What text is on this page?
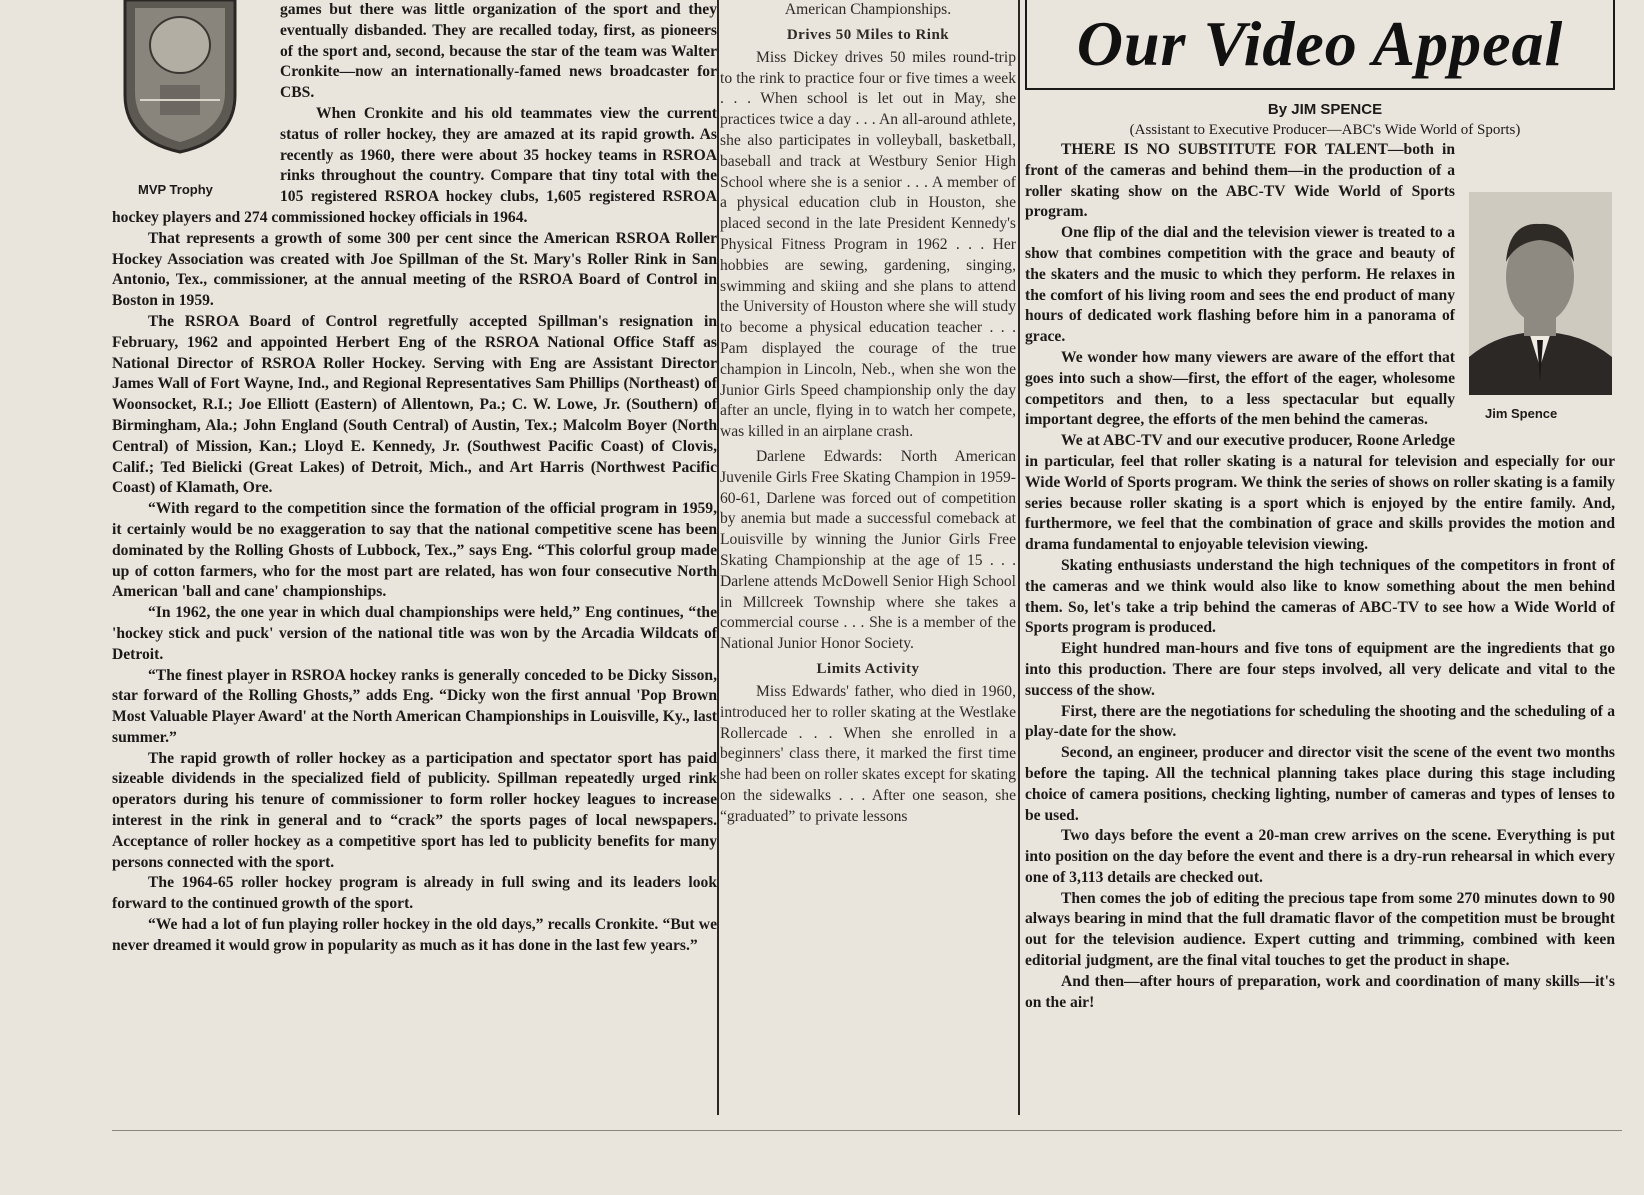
MVP Trophy

games but there was little organization of the sport and they eventually disbanded. They are recalled today, first, as pioneers of the sport and, second, because the star of the team was Walter Cronkite—now an internationally-famed news broadcaster for CBS.

When Cronkite and his old teammates view the current status of roller hockey, they are amazed at its rapid growth. As recently as 1960, there were about 35 hockey teams in RSROA rinks throughout the country. Compare that tiny total with the 105 registered RSROA hockey clubs, 1,605 registered RSROA hockey players and 274 commissioned hockey officials in 1964.

That represents a growth of some 300 per cent since the American RSROA Roller Hockey Association was created with Joe Spillman of the St. Mary's Roller Rink in San Antonio, Tex., commissioner, at the annual meeting of the RSROA Board of Control in Boston in 1959.

The RSROA Board of Control regretfully accepted Spillman's resignation in February, 1962 and appointed Herbert Eng of the RSROA National Office Staff as National Director of RSROA Roller Hockey. Serving with Eng are Assistant Director James Wall of Fort Wayne, Ind., and Regional Representatives Sam Phillips (Northeast) of Woonsocket, R.I.; Joe Elliott (Eastern) of Allentown, Pa.; C. W. Lowe, Jr. (Southern) of Birmingham, Ala.; John England (South Central) of Austin, Tex.; Malcolm Boyer (North Central) of Mission, Kan.; Lloyd E. Kennedy, Jr. (Southwest Pacific Coast) of Clovis, Calif.; Ted Bielicki (Great Lakes) of Detroit, Mich., and Art Harris (Northwest Pacific Coast) of Klamath, Ore.

“With regard to the competition since the formation of the official program in 1959, it certainly would be no exaggeration to say that the national competitive scene has been dominated by the Rolling Ghosts of Lubbock, Tex.,” says Eng. “This colorful group made up of cotton farmers, who for the most part are related, has won four consecutive North American 'ball and cane' championships.

“In 1962, the one year in which dual championships were held,” Eng continues, “the 'hockey stick and puck' version of the national title was won by the Arcadia Wildcats of Detroit.

“The finest player in RSROA hockey ranks is generally conceded to be Dicky Sisson, star forward of the Rolling Ghosts,” adds Eng. “Dicky won the first annual 'Pop Brown Most Valuable Player Award' at the North American Championships in Louisville, Ky., last summer.”

The rapid growth of roller hockey as a participation and spectator sport has paid sizeable dividends in the specialized field of publicity. Spillman repeatedly urged rink operators during his tenure of commissioner to form roller hockey leagues to increase interest in the rink in general and to “crack” the sports pages of local newspapers. Acceptance of roller hockey as a competitive sport has led to publicity benefits for many persons connected with the sport.

The 1964-65 roller hockey program is already in full swing and its leaders look forward to the continued growth of the sport.

“We had a lot of fun playing roller hockey in the old days,” recalls Cronkite. “But we never dreamed it would grow in popularity as much as it has done in the last few years.”

American Championships.

Drives 50 Miles to Rink

Miss Dickey drives 50 miles round-trip to the rink to practice four or five times a week . . . When school is let out in May, she practices twice a day . . . An all-around athlete, she also participates in volleyball, basketball, baseball and track at Westbury Senior High School where she is a senior . . . A member of a physical education club in Houston, she placed second in the late President Kennedy's Physical Fitness Program in 1962 . . . Her hobbies are sewing, gardening, singing, swimming and skiing and she plans to attend the University of Houston where she will study to become a physical education teacher . . . Pam displayed the courage of the true champion in Lincoln, Neb., when she won the Junior Girls Speed championship only the day after an uncle, flying in to watch her compete, was killed in an airplane crash.

Darlene Edwards: North American Juvenile Girls Free Skating Champion in 1959-60-61, Darlene was forced out of competition by anemia but made a successful comeback at Louisville by winning the Junior Girls Free Skating Championship at the age of 15 . . . Darlene attends McDowell Senior High School in Millcreek Township where she takes a commercial course . . . She is a member of the National Junior Honor Society.

Limits Activity

Miss Edwards' father, who died in 1960, introduced her to roller skating at the Westlake Rollercade . . . When she enrolled in a beginners' class there, it marked the first time she had been on roller skates except for skating on the sidewalks . . . After one season, she “graduated” to private lessons

Our Video Appeal
By JIM SPENCE
(Assistant to Executive Producer—ABC's Wide World of Sports)
Jim Spence

THERE IS NO SUBSTITUTE FOR TALENT—both in front of the cameras and behind them—in the production of a roller skating show on the ABC-TV Wide World of Sports program.

One flip of the dial and the television viewer is treated to a show that combines competition with the grace and beauty of the skaters and the music to which they perform. He relaxes in the comfort of his living room and sees the end product of many hours of dedicated work flashing before him in a panorama of grace.

We wonder how many viewers are aware of the effort that goes into such a show—first, the effort of the eager, wholesome competitors and then, to a less spectacular but equally important degree, the efforts of the men behind the cameras.

We at ABC-TV and our executive producer, Roone Arledge in particular, feel that roller skating is a natural for television and especially for our Wide World of Sports program. We think the series of shows on roller skating is a family series because roller skating is a sport which is enjoyed by the entire family. And, furthermore, we feel that the combination of grace and skills provides the motion and drama fundamental to enjoyable television viewing.

Skating enthusiasts understand the high techniques of the competitors in front of the cameras and we think would also like to know something about the men behind them. So, let's take a trip behind the cameras of ABC-TV to see how a Wide World of Sports program is produced.

Eight hundred man-hours and five tons of equipment are the ingredients that go into this production. There are four steps involved, all very delicate and vital to the success of the show.

First, there are the negotiations for scheduling the shooting and the scheduling of a play-date for the show.

Second, an engineer, producer and director visit the scene of the event two months before the taping. All the technical planning takes place during this stage including choice of camera positions, checking lighting, number of cameras and types of lenses to be used.

Two days before the event a 20-man crew arrives on the scene. Everything is put into position on the day before the event and there is a dry-run rehearsal in which every one of 3,113 details are checked out.

Then comes the job of editing the precious tape from some 270 minutes down to 90 always bearing in mind that the full dramatic flavor of the competition must be brought out for the television audience. Expert cutting and trimming, combined with keen editorial judgment, are the final vital touches to get the product in shape.

And then—after hours of preparation, work and coordination of many skills—it's on the air!
